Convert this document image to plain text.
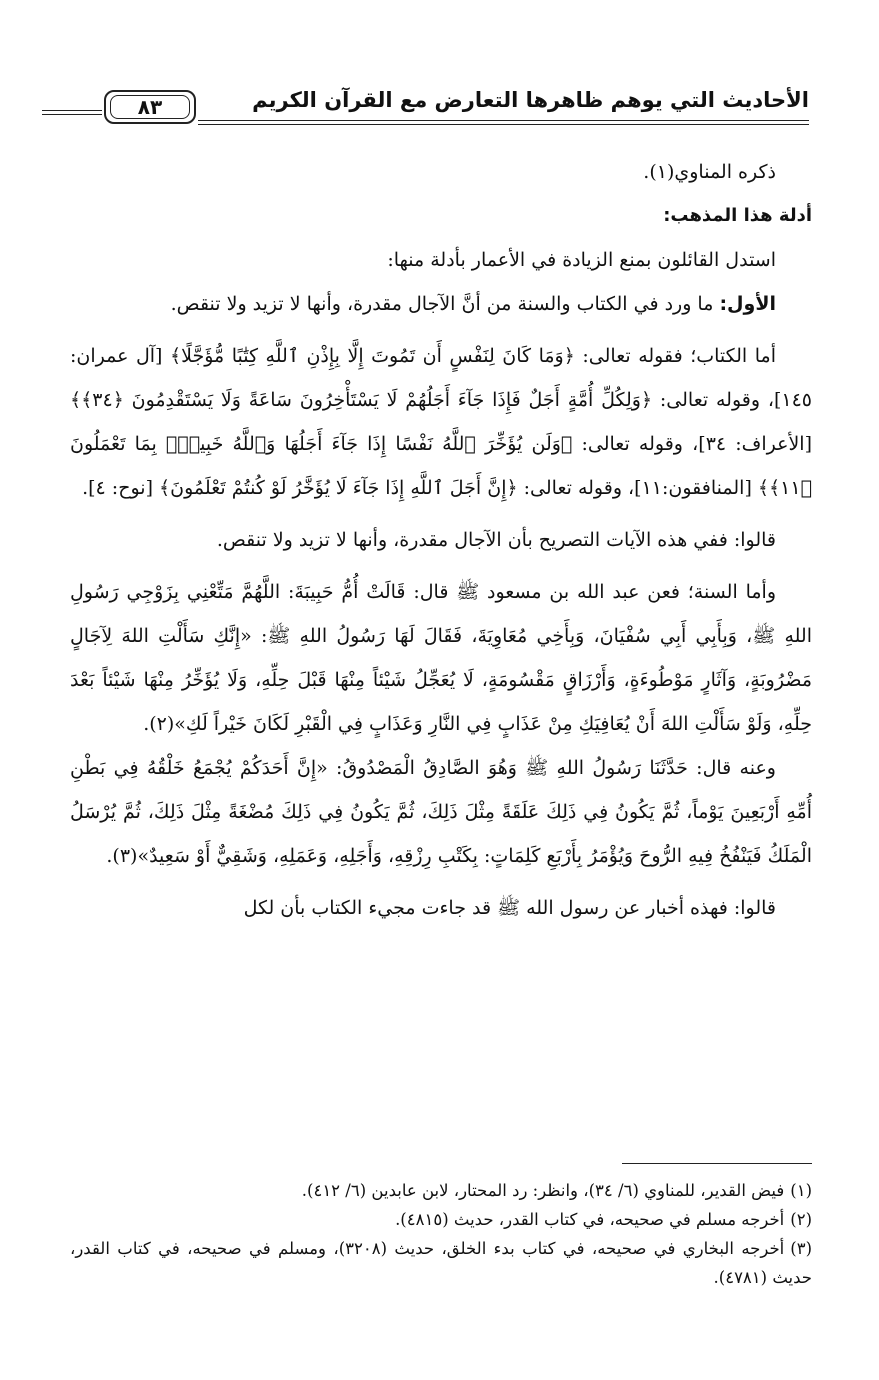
الأحاديث التي يوهم ظاهرها التعارض مع القرآن الكريم
٨٣

ذكره المناوي(١).

أدلة هذا المذهب:

استدل القائلون بمنع الزيادة في الأعمار بأدلة منها:

الأول: ما ورد في الكتاب والسنة من أنَّ الآجال مقدرة، وأنها لا تزيد ولا تنقص.

أما الكتاب؛ فقوله تعالى: ﴿وَمَا كَانَ لِنَفْسٍ أَن تَمُوتَ إِلَّا بِإِذْنِ ٱللَّهِ كِتَٰبًا مُّؤَجَّلًا﴾ [آل عمران: ١٤٥]، وقوله تعالى: ﴿وَلِكُلِّ أُمَّةٍ أَجَلٌ فَإِذَا جَآءَ أَجَلُهُمْ لَا يَسْتَأْخِرُونَ سَاعَةً وَلَا يَسْتَقْدِمُونَ ﴿٣٤﴾﴾ [الأعراف: ٣٤]، وقوله تعالى: ﴿وَلَن يُؤَخِّرَ ٱللَّهُ نَفْسًا إِذَا جَآءَ أَجَلُهَا وَٱللَّهُ خَبِيرٌۢ بِمَا تَعْمَلُونَ ﴿١١﴾﴾ [المنافقون:١١]، وقوله تعالى: ﴿إِنَّ أَجَلَ ٱللَّهِ إِذَا جَآءَ لَا يُؤَخَّرُ لَوْ كُنتُمْ تَعْلَمُونَ﴾ [نوح: ٤].

قالوا: ففي هذه الآيات التصريح بأن الآجال مقدرة، وأنها لا تزيد ولا تنقص.

وأما السنة؛ فعن عبد الله بن مسعود ﷺ قال: قَالَتْ أُمُّ حَبِيبَةَ: اللَّهُمَّ مَتِّعْنِي بِزَوْجِي رَسُولِ اللهِ ﷺ، وَبِأَبِي أَبِي سُفْيَانَ، وَبِأَخِي مُعَاوِيَةَ، فَقَالَ لَهَا رَسُولُ اللهِ ﷺ: «إِنَّكِ سَأَلْتِ اللهَ لِآجَالٍ مَضْرُوبَةٍ، وَآثَارٍ مَوْطُوءَةٍ، وَأَرْزَاقٍ مَقْسُومَةٍ، لَا يُعَجِّلُ شَيْئاً مِنْهَا قَبْلَ حِلِّهِ، وَلَا يُؤَخِّرُ مِنْهَا شَيْئاً بَعْدَ حِلِّهِ، وَلَوْ سَأَلْتِ اللهَ أَنْ يُعَافِيَكِ مِنْ عَذَابٍ فِي النَّارِ وَعَذَابٍ فِي الْقَبْرِ لَكَانَ خَيْراً لَكِ»(٢).

وعنه قال: حَدَّثَنَا رَسُولُ اللهِ ﷺ وَهُوَ الصَّادِقُ الْمَصْدُوقُ: «إِنَّ أَحَدَكُمْ يُجْمَعُ خَلْقُهُ فِي بَطْنِ أُمِّهِ أَرْبَعِينَ يَوْماً، ثُمَّ يَكُونُ فِي ذَلِكَ عَلَقَةً مِثْلَ ذَلِكَ، ثُمَّ يَكُونُ فِي ذَلِكَ مُضْغَةً مِثْلَ ذَلِكَ، ثُمَّ يُرْسَلُ الْمَلَكُ فَيَنْفُخُ فِيهِ الرُّوحَ وَيُؤْمَرُ بِأَرْبَعِ كَلِمَاتٍ: بِكَتْبِ رِزْقِهِ، وَأَجَلِهِ، وَعَمَلِهِ، وَشَقِيٌّ أَوْ سَعِيدٌ»(٣).

قالوا: فهذه أخبار عن رسول الله ﷺ قد جاءت مجيء الكتاب بأن لكل

(١)فيض القدير، للمناوي (٦/ ٣٤)، وانظر: رد المحتار، لابن عابدين (٦/ ٤١٢).

(٢)أخرجه مسلم في صحيحه، في كتاب القدر، حديث (٤٨١٥).

(٣)أخرجه البخاري في صحيحه، في كتاب بدء الخلق، حديث (٣٢٠٨)، ومسلم في صحيحه، في كتاب القدر، حديث (٤٧٨١).
